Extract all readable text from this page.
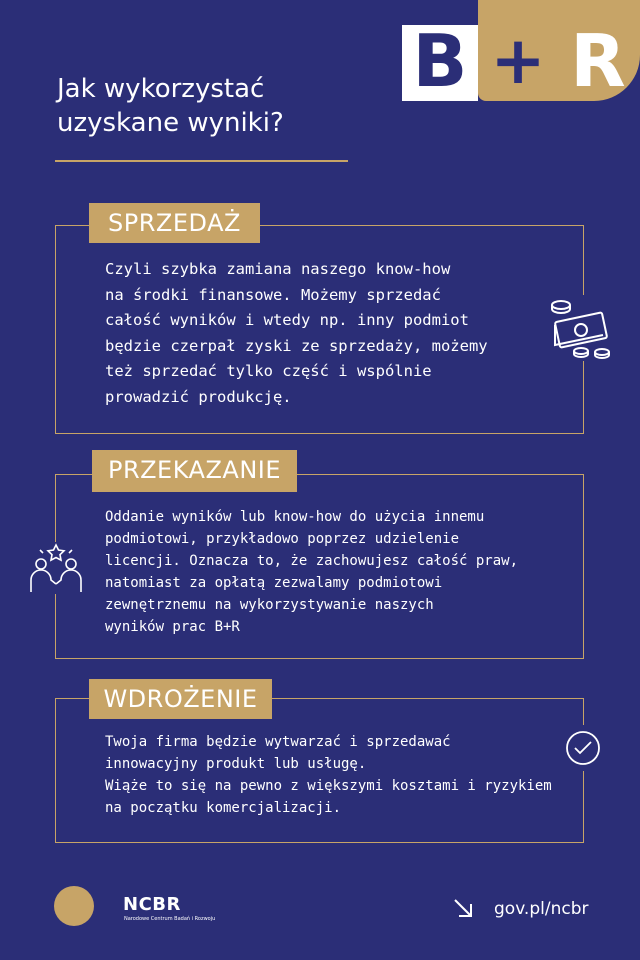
B + R
Jak wykorzystać uzyskane wyniki?
SPRZEDAŻ
Czyli szybka zamiana naszego know-how
na środki finansowe. Możemy sprzedać
całość wyników i wtedy np. inny podmiot
będzie czerpał zyski ze sprzedaży, możemy
też sprzedać tylko część i wspólnie
prowadzić produkcję.
PRZEKAZANIE
Oddanie wyników lub know-how do użycia innemu
podmiotowi, przykładowo poprzez udzielenie
licencji. Oznacza to, że zachowujesz całość praw,
natomiast za opłatą zezwalamy podmiotowi
zewnętrznemu na wykorzystywanie naszych
wyników prac B+R
WDROŻENIE
Twoja firma będzie wytwarzać i sprzedawać
innowacyjny produkt lub usługę.
Wiąże to się na pewno z większymi kosztami i ryzykiem
na początku komercjalizacji.
NCBR
Narodowe Centrum Badań i Rozwoju	gov.pl/ncbr
